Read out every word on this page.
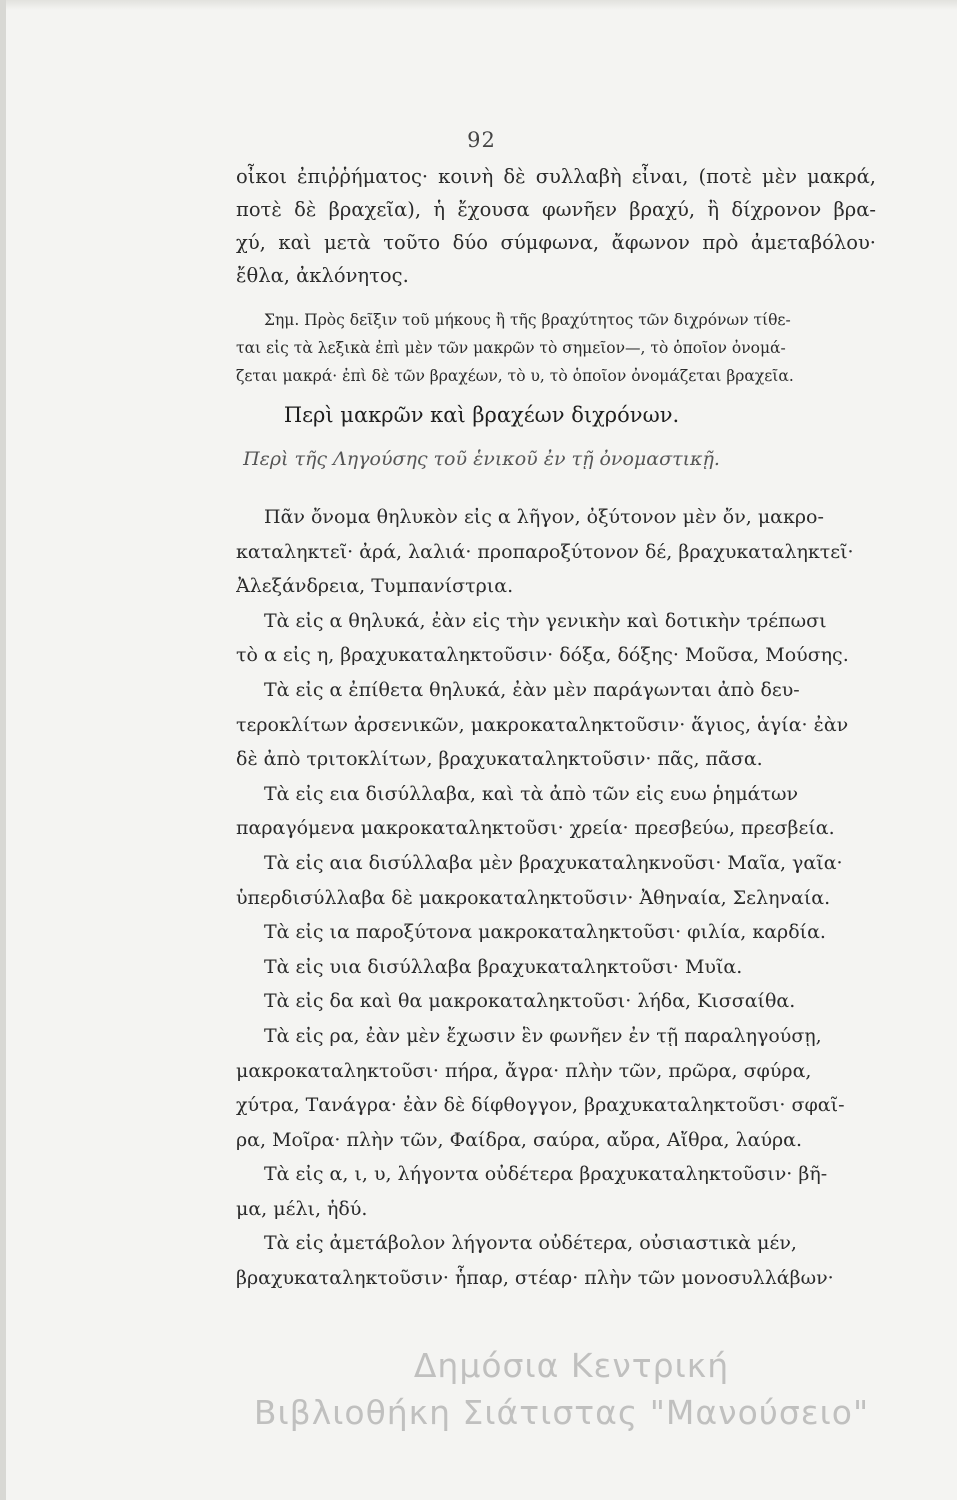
92
οἶκοι ἐπιῤῥήματος· κοινὴ δὲ συλλαβὴ εἶναι, (ποτὲ μὲν μακρά,
ποτὲ δὲ βραχεῖα), ἡ ἔχουσα φωνῆεν βραχύ, ἢ δίχρονον βρα-
χύ, καὶ μετὰ τοῦτο δύο σύμφωνα, ἄφωνον πρὸ ἀμεταβόλου·
ἔθλα, ἀκλόνητος.
Σημ. Πρὸς δεῖξιν τοῦ μήκους ἢ τῆς βραχύτητος τῶν διχρόνων τίθε-
ται εἰς τὰ λεξικὰ ἐπὶ μὲν τῶν μακρῶν τὸ σημεῖον—, τὸ ὁποῖον ὀνομά-
ζεται μακρά· ἐπὶ δὲ τῶν βραχέων, τὸ υ, τὸ ὁποῖον ὀνομάζεται βραχεῖα.
Περὶ μακρῶν καὶ βραχέων διχρόνων.
Περὶ τῆς Ληγούσης τοῦ ἑνικοῦ ἐν τῇ ὀνομαστικῇ.
Πᾶν ὄνομα θηλυκὸν εἰς α λῆγον, ὀξύτονον μὲν ὄν, μακρο-
καταληκτεῖ· ἀρά, λαλιά· προπαροξύτονον δέ, βραχυκαταληκτεῖ·
Ἀλεξάνδρεια, Τυμπανίστρια.
Τὰ εἰς α θηλυκά, ἐὰν εἰς τὴν γενικὴν καὶ δοτικὴν τρέπωσι
τὸ α εἰς η, βραχυκαταληκτοῦσιν· δόξα, δόξης· Μοῦσα, Μούσης.
Τὰ εἰς α ἐπίθετα θηλυκά, ἐὰν μὲν παράγωνται ἀπὸ δευ-
τεροκλίτων ἀρσενικῶν, μακροκαταληκτοῦσιν· ἅγιος, ἁγία· ἐὰν
δὲ ἀπὸ τριτοκλίτων, βραχυκαταληκτοῦσιν· πᾶς, πᾶσα.
Τὰ εἰς εια δισύλλαβα, καὶ τὰ ἀπὸ τῶν εἰς ευω ῥημάτων
παραγόμενα μακροκαταληκτοῦσι· χρεία· πρεσβεύω, πρεσβεία.
Τὰ εἰς αια δισύλλαβα μὲν βραχυκαταληκνοῦσι· Μαῖα, γαῖα·
ὑπερδισύλλαβα δὲ μακροκαταληκτοῦσιν· Ἀθηναία, Σεληναία.
Τὰ εἰς ια παροξύτονα μακροκαταληκτοῦσι· φιλία, καρδία.
Τὰ εἰς υια δισύλλαβα βραχυκαταληκτοῦσι· Μυῖα.
Τὰ εἰς δα καὶ θα μακροκαταληκτοῦσι· λήδα, Κισσαίθα.
Τὰ εἰς ρα, ἐὰν μὲν ἔχωσιν ἓν φωνῆεν ἐν τῇ παραληγούσῃ,
μακροκαταληκτοῦσι· πήρα, ἄγρα· πλὴν τῶν, πρῶρα, σφύρα,
χύτρα, Τανάγρα· ἐὰν δὲ δίφθογγον, βραχυκαταληκτοῦσι· σφαῖ-
ρα, Μοῖρα· πλὴν τῶν, Φαίδρα, σαύρα, αὔρα, Αἴθρα, λαύρα.
Τὰ εἰς α, ι, υ, λήγοντα οὐδέτερα βραχυκαταληκτοῦσιν· βῆ-
μα, μέλι, ἡδύ.
Τὰ εἰς ἀμετάβολον λήγοντα οὐδέτερα, οὐσιαστικὰ μέν,
βραχυκαταληκτοῦσιν· ἧπαρ, στέαρ· πλὴν τῶν μονοσυλλάβων·
Δημόσια Κεντρική
Βιβλιοθήκη Σιάτιστας "Μανούσειο"
